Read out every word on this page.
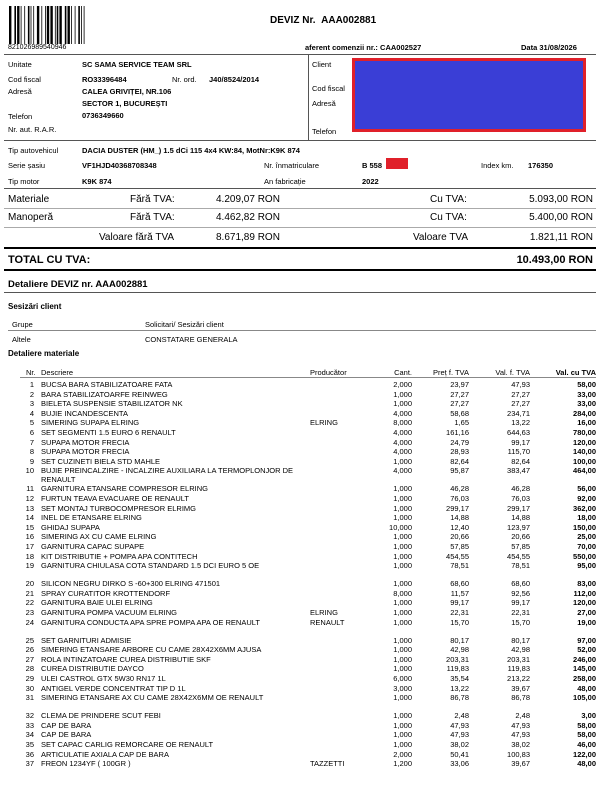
821026989540946
DEVIZ Nr. AAA002881
aferent comenzii nr.: CAA002527	Data 31/08/2026
Unitate	SC SAMA SERVICE TEAM SRL
Cod fiscal	RO33396484	Nr. ord. J40/8524/2014
Adresă	CALEA GRIVIȚEI, NR.106
SECTOR 1, BUCUREȘTI
Telefon	0736349660
Nr. aut. R.A.R.
Client
Cod fiscal
Adresă
Telefon
Tip autovehicul	DACIA DUSTER (HM_) 1.5 dCi 115 4x4 KW:84, MotNr:K9K 874
Serie șasiu	VF1HJD40368708348	Nr. înmatriculare	B 558	Index km. 176350
Tip motor	K9K 874	An fabricație	2022
Materiale	Fără TVA:	4.209,07 RON	Cu TVA:	5.093,00 RON
Manoperă	Fără TVA:	4.462,82 RON	Cu TVA:	5.400,00 RON
Valoare fără TVA	8.671,89 RON	Valoare TVA	1.821,11 RON
TOTAL CU TVA:	10.493,00 RON
Detaliere DEVIZ nr. AAA002881
Sesizări client
Grupe	Solicitari/ Sesizări client
Altele	CONSTATARE GENERALA
Detaliere materiale
Nr. Descriere	Producător	Cant.	Preț f. TVA	Val. f. TVA	Val. cu TVA
1 BUCSA BARA STABILIZATOARE FATA	2,000	23,97	47,93	58,00
2 BARA STABILIZATOARFE REINWEG	1,000	27,27	27,27	33,00
3 BIELETA SUSPENSIE STABILIZATOR NK	1,000	27,27	27,27	33,00
4 BUJIE INCANDESCENTA	4,000	58,68	234,71	284,00
5 SIMERING SUPAPA ELRING	ELRING	8,000	1,65	13,22	16,00
6 SET SEGMENTI 1.5 EURO 6 RENAULT	4,000	161,16	644,63	780,00
7 SUPAPA MOTOR FRECIA	4,000	24,79	99,17	120,00
8 SUPAPA MOTOR FRECIA	4,000	28,93	115,70	140,00
9 SET CUZINETI BIELA STD MAHLE	1,000	82,64	82,64	100,00
10 BUJIE PREINCALZIRE - INCALZIRE AUXILIARA LA TERMOPLONJOR DE RENAULT
4,000	95,87	383,47	464,00
11 GARNITURA ETANSARE COMPRESOR ELRING	1,000	46,28	46,28	56,00
12 FURTUN TEAVA EVACUARE OE RENAULT	1,000	76,03	76,03	92,00
13 SET MONTAJ TURBOCOMPRESOR ELRIMG	1,000	299,17	299,17	362,00
14 INEL DE ETANSARE ELRING	1,000	14,88	14,88	18,00
15 GHIDAJ SUPAPA	10,000	12,40	123,97	150,00
16 SIMERING AX CU CAME ELRING	1,000	20,66	20,66	25,00
17 GARNITURA CAPAC SUPAPE	1,000	57,85	57,85	70,00
18 KIT DISTRIBUTIE + POMPA APA CONTITECH	1,000	454,55	454,55	550,00
19 GARNITURA CHIULASA COTA STANDARD 1.5 DCI EURO 5 OE	1,000	78,51	78,51	95,00
20 SILICON NEGRU DIRKO S -60+300 ELRING 471501	1,000	68,60	68,60	83,00
21 SPRAY CURATITOR KROTTENDORF	8,000	11,57	92,56	112,00
22 GARNITURA BAIE ULEI ELRING	1,000	99,17	99,17	120,00
23 GARNITURA POMPA VACUUM ELRING	ELRING	1,000	22,31	22,31	27,00
24 GARNITURA CONDUCTA APA SPRE POMPA APA OE RENAULT	RENAULT	1,000	15,70	15,70	19,00
25 SET GARNITURI ADMISIE	1,000	80,17	80,17	97,00
26 SIMERING ETANSARE ARBORE CU CAME 28X42X6MM AJUSA	1,000	42,98	42,98	52,00
27 ROLA INTINZATOARE CUREA DISTRIBUTIE SKF	1,000	203,31	203,31	246,00
28 CUREA DISTRIBUTIE DAYCO	1,000	119,83	119,83	145,00
29 ULEI CASTROL GTX 5W30 RN17 1L	6,000	35,54	213,22	258,00
30 ANTIGEL VERDE CONCENTRAT TIP D 1L	3,000	13,22	39,67	48,00
31 SIMERING ETANSARE AX CU CAME 28X42X6MM OE RENAULT	1,000	86,78	86,78	105,00
32 CLEMA DE PRINDERE SCUT FEBI	1,000	2,48	2,48	3,00
33 CAP DE BARA	1,000	47,93	47,93	58,00
34 CAP DE BARA	1,000	47,93	47,93	58,00
35 SET CAPAC CARLIG REMORCARE OE RENAULT	1,000	38,02	38,02	46,00
36 ARTICULATIE AXIALA CAP DE BARA	2,000	50,41	100,83	122,00
37 FREON 1234YF ( 100GR )	TAZZETTI	1,200	33,06	39,67	48,00
